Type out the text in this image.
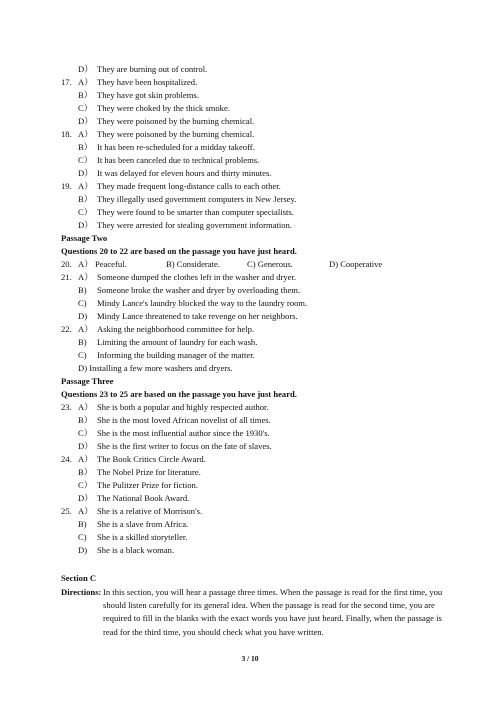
D） They are burning out of control.
17. A） They have been hospitalized.
B） They have got skin problems.
C） They were choked by the thick smoke.
D） They were poisoned by the burning chemical.
18. A） They were poisoned by the burning chemical.
B） It has been re-scheduled for a midday takeoff.
C） It has been canceled due to technical problems.
D） It was delayed for eleven hours and thirty minutes.
19. A） They made frequent long-distance calls to each other.
B） They illegally used government computers in New Jersey.
C） They were found to be smarter than computer specialists.
D） They were arrested for stealing government information.
Passage Two
Questions 20 to 22 are based on the passage you have just heard.
20. A） Peaceful.	B) Considerate.	C) Generous.	D) Cooperative
21. A） Someone dumped the clothes left in the washer and dryer.
B) Someone broke the washer and dryer by overloading them.
C) Mindy Lance's laundry blocked the way to the laundry room.
D) Mindy Lance threatened to take revenge on her neighbors.
22. A） Asking the neighborhood committee for help.
B) Limiting the amount of laundry for each wash.
C) Informing the building manager of the matter.
D) Installing a few more washers and dryers.
Passage Three
Questions 23 to 25 are based on the passage you have just heard.
23. A） She is both a popular and highly respected author.
B） She is the most loved African novelist of all times.
C） She is the most influential author since the 1930's.
D） She is the first writer to focus on the fate of slaves.
24. A） The Book Critics Circle Award.
B） The Nobel Prize for literature.
C） The Pulitzer Prize for fiction.
D） The National Book Award.
25. A） She is a relative of Morrison's.
B) She is a slave from Africa.
C) She is a skilled storyteller.
D) She is a black woman.
Section C
Directions: In this section, you will hear a passage three times. When the passage is read for the first time, you should listen carefully for its general idea. When the passage is read for the second time, you are required to fill in the blanks with the exact words you have just heard. Finally, when the passage is read for the third time, you should check what you have written.
3 / 10
